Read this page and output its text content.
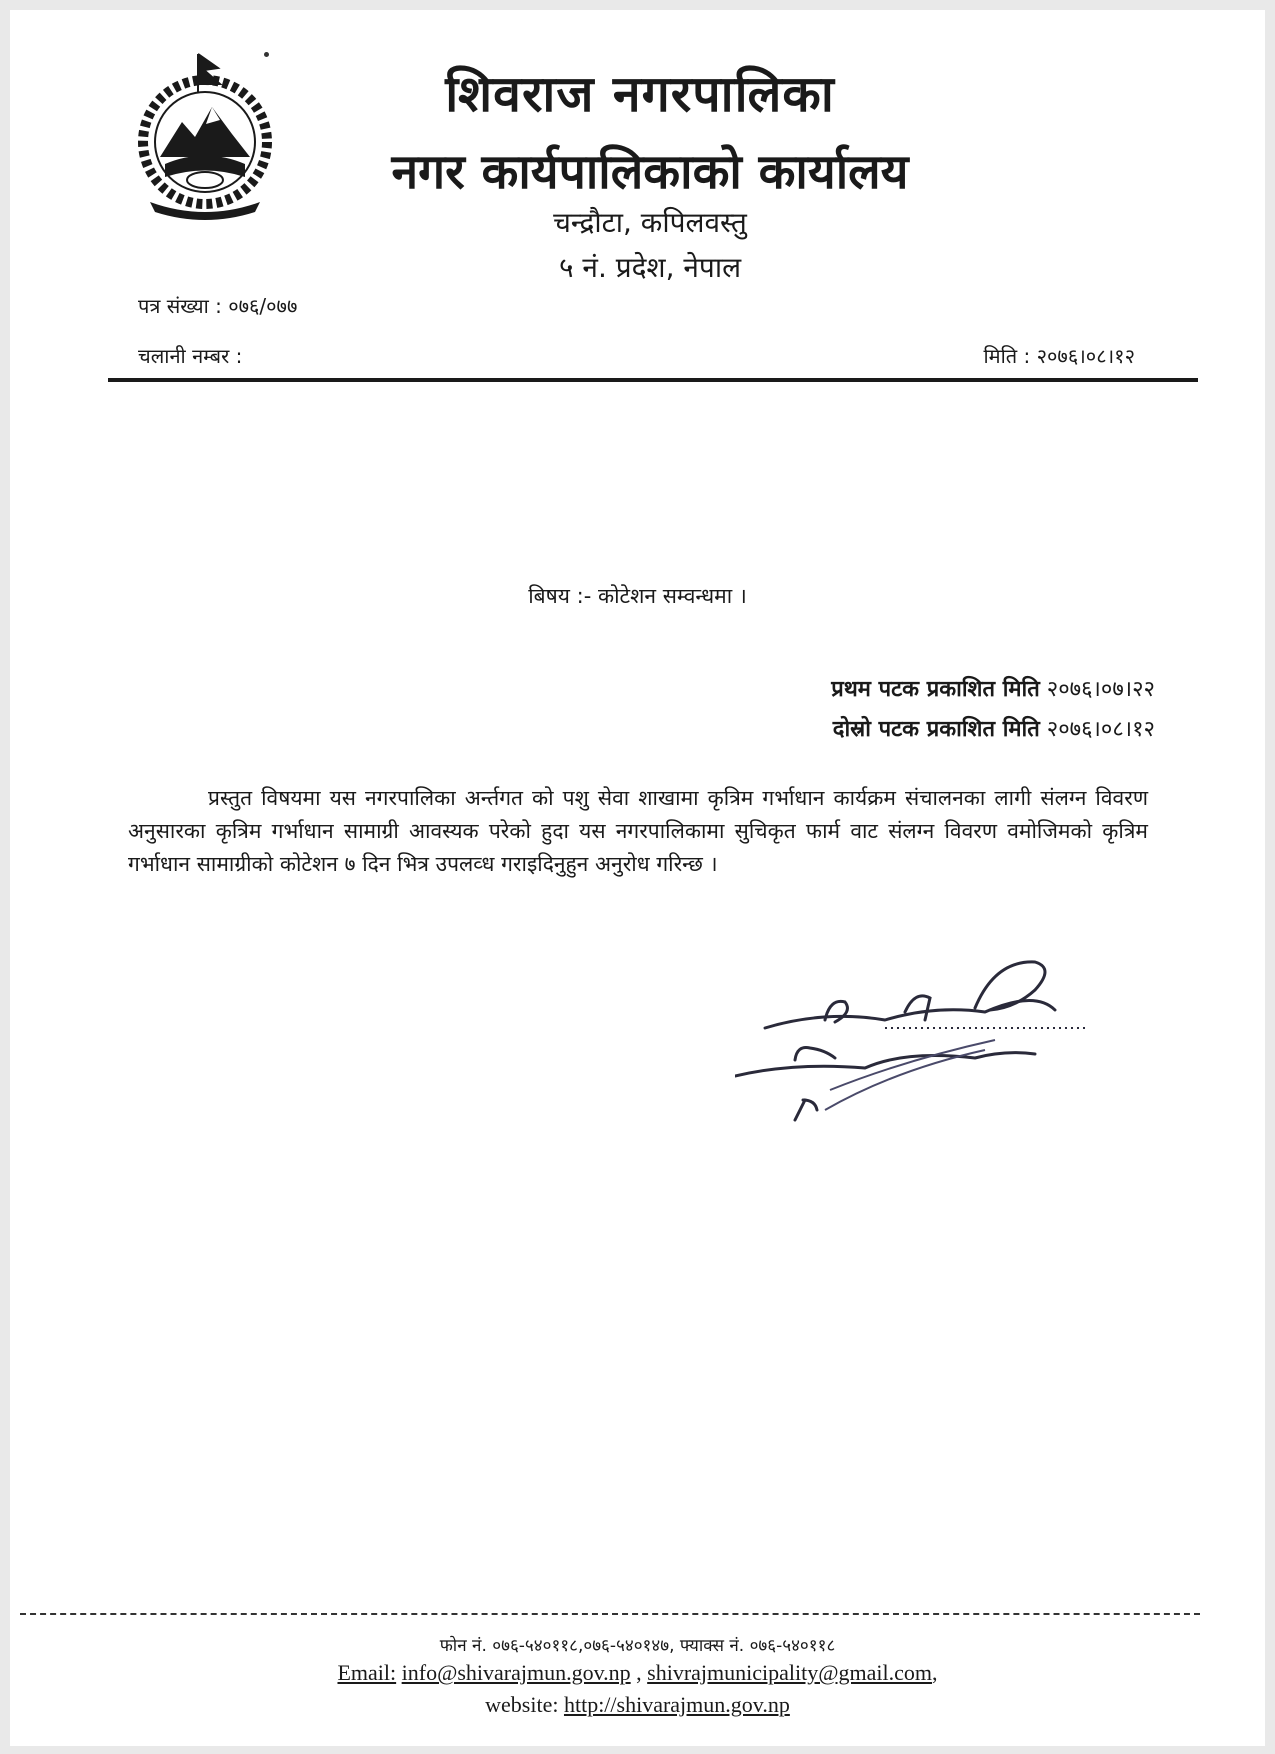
शिवराज नगरपालिका
नगर कार्यपालिकाको कार्यालय
चन्द्रौटा, कपिलवस्तु
५ नं. प्रदेश, नेपाल
पत्र संख्या : ०७६/०७७
चलानी नम्बर :	मिति : २०७६।०८।१२
बिषय :- कोटेशन सम्वन्धमा ।
प्रथम पटक प्रकाशित मिति २०७६।०७।२२
दोस्रो पटक प्रकाशित मिति २०७६।०८।१२
प्रस्तुत विषयमा यस नगरपालिका अर्न्तगत को पशु सेवा शाखामा कृत्रिम गर्भाधान कार्यक्रम संचालनका लागी संलग्न विवरण अनुसारका कृत्रिम गर्भाधान सामाग्री आवस्यक परेको हुदा यस नगरपालिकामा सुचिकृत फार्म वाट संलग्न विवरण वमोजिमको कृत्रिम गर्भाधान सामाग्रीको कोटेशन ७ दिन भित्र उपलव्ध गराइदिनुहुन अनुरोध गरिन्छ ।
फोन नं. ०७६-५४०११८,०७६-५४०१४७, फ्याक्स नं. ०७६-५४०११८
Email: info@shivarajmun.gov.np , shivrajmunicipality@gmail.com,
website: http://shivarajmun.gov.np
